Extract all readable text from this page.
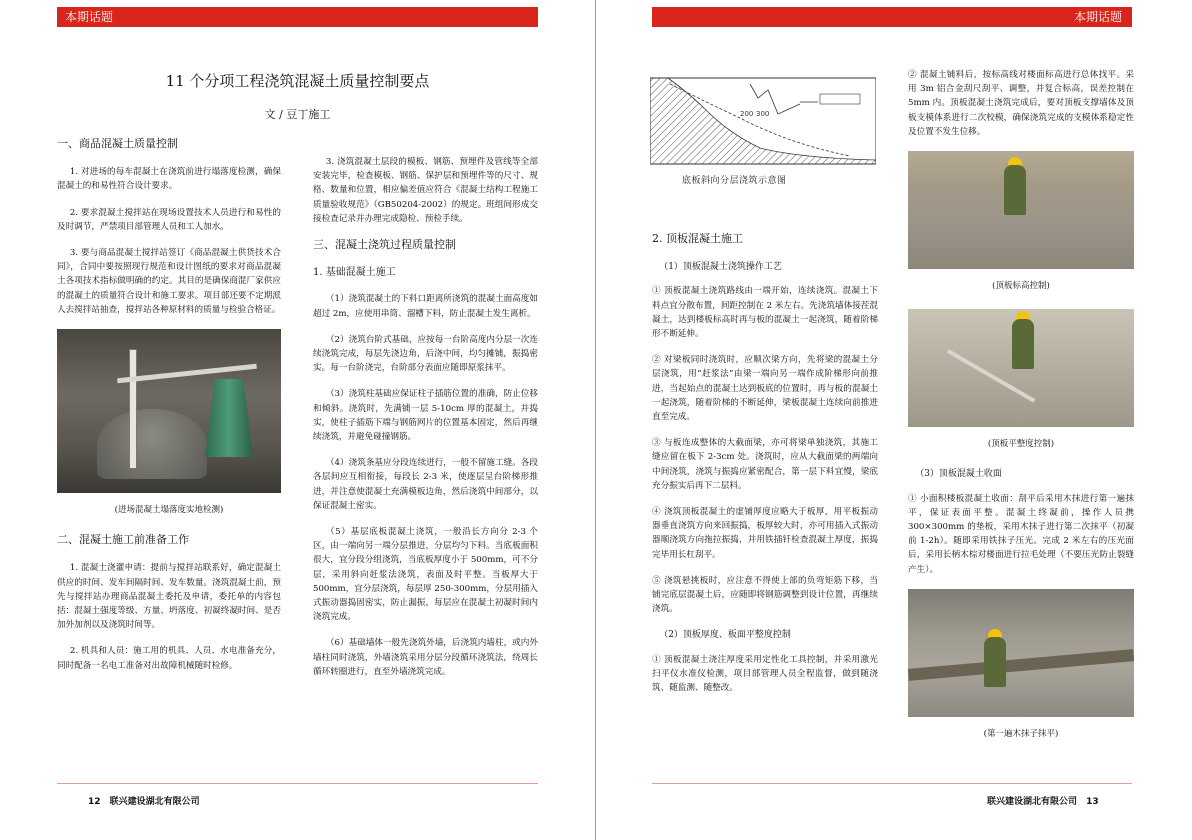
本期话题
11 个分项工程浇筑混凝土质量控制要点
文 / 豆丁施工
一、商品混凝土质量控制

1. 对进场的每车混凝土在浇筑前进行塌落度检测，确保混凝土的和易性符合设计要求。

2. 要求混凝土搅拌站在现场设置技术人员进行和易性的及时调节，严禁项目部管理人员和工人加水。

3. 要与商品混凝土搅拌站签订《商品混凝土供货技术合同》，合同中要按照现行规范和设计图纸的要求对商品混凝土各项技术指标做明确的约定。其目的是确保商混厂家供应的混凝土的质量符合设计和施工要求。项目部还要不定期派人去搅拌站抽查，搅拌站各种原材料的质量与检验合格证。

(进场混凝土塌落度实地检测)
二、混凝土施工前准备工作

1. 混凝土浇灌申请：提前与搅拌站联系好，确定混凝土供应的时间、发车间隔时间、发车数量。浇筑混凝土前，预先与搅拌站办理商品混凝土委托及申请，委托单的内容包括：混凝土强度等级、方量、坍落度、初凝终凝时间、是否加外加剂以及浇筑时间等。

2. 机具和人员：施工用的机具、人员、水电准备充分，同时配备一名电工准备对出故障机械随时检修。

3. 浇筑混凝土层段的模板、钢筋、预埋件及管线等全部安装完毕，检查模板、钢筋、保护层和预埋件等的尺寸、规格、数量和位置，相应偏差值应符合《混凝土结构工程施工质量验收规范》（GB50204-2002）的规定。班组间形成交接检查记录并办理完成隐检、预检手续。

三、混凝土浇筑过程质量控制
1. 基础混凝土施工

（1）浇筑混凝土的下料口距离所浇筑的混凝土面高度如超过 2m，应使用串筒、溜槽下料，防止混凝土发生离析。

（2）浇筑台阶式基础，应按每一台阶高度内分层一次连续浇筑完成，每层先浇边角，后浇中间，均匀摊铺，振捣密实。每一台阶浇完，台阶部分表面应随即原浆抹平。

（3）浇筑柱基础应保证柱子插筋位置的准确，防止位移和倾斜。浇筑时，先满铺一层 5-10cm 厚的混凝土，并捣实，使柱子插筋下端与钢筋网片的位置基本固定，然后再继续浇筑，并避免碰撞钢筋。

（4）浇筑条基应分段连续进行，一般不留施工缝。各段各层间应互相衔接，每段长 2-3 米，使逐层呈台阶梯形推进，并注意使混凝土充满模板边角，然后浇筑中间部分，以保证混凝土密实。

（5）基层底板混凝土浇筑，一般沿长方向分 2-3 个区，由一端向另一端分层推进，分层均匀下料。当底板面积很大，宜分段分组浇筑，当底板厚度小于 500mm，可不分层，采用斜向赶浆法浇筑，表面及时平整。当板厚大于 500mm，宜分层浇筑，每层厚 250-300mm，分层用插入式振动器捣固密实，防止漏振，每层应在混凝土初凝时间内浇筑完成。

（6）基础墙体一般先浇筑外墙，后浇筑内墙柱，或内外墙柱同时浇筑，外墙浇筑采用分层分段循环浇筑法，绕周长循环转圈进行，直至外墙浇筑完成。

12 联兴建设湖北有限公司
本期话题
2. 顶板混凝土施工
（1）顶板混凝土浇筑操作工艺

① 顶板混凝土浇筑路线由一端开始，连续浇筑。混凝土下料点宜分散布置，间距控制在 2 米左右。先浇筑墙体接茬混凝土，达到楼板标高时再与板的混凝土一起浇筑，随着阶梯形不断延伸。

② 对梁板同时浇筑时，应顺次梁方向，先将梁的混凝土分层浇筑，用“赶浆法”由梁一端向另一端作成阶梯形向前推进，当起始点的混凝土达到板底的位置时，再与板的混凝土一起浇筑，随着阶梯的不断延伸，梁板混凝土连续向前推进直至完成。

③ 与板连成整体的大截面梁，亦可将梁单独浇筑，其施工缝应留在板下 2-3cm 处。浇筑时，应从大截面梁的两端向中间浇筑，浇筑与振捣应紧密配合，第一层下料宜慢，梁底充分振实后再下二层料。

④ 浇筑顶板混凝土的虚铺厚度应略大于板厚，用平板振动器垂直浇筑方向来回振捣，板厚较大时，亦可用插入式振动器顺浇筑方向拖拉振捣，并用铁插钎检查混凝土厚度，振捣完毕用长杠刮平。

⑤ 浇筑悬挑板时，应注意不得使上部的负弯矩筋下移，当铺完底层混凝土后，应随即将钢筋调整到设计位置，再继续浇筑。

（2）顶板厚度、板面平整度控制

① 顶板混凝土浇注厚度采用定性化工具控制，并采用激光扫平仪水准仪检测，项目部管理人员全程监督，做到随浇筑、随监测、随整改。

② 混凝土铺料后，按标高线对楼面标高进行总体找平。采用 3m 铝合金刮尺刮平、调整，并复合标高，误差控制在 5mm 内。顶板混凝土浇筑完成后，要对顶板支撑墙体及顶板支模体系进行二次校模，确保浇筑完成的支模体系稳定性及位置不发生位移。

(顶板标高控制)
(顶板平整度控制)
（3）顶板混凝土收面

① 小面积楼板混凝土收面：刮平后采用木抹进行第一遍抹平，保证表面平整。混凝土终凝前，操作人员携 300×300mm 的垫板，采用木抹子进行第二次抹平（初凝前 1-2h）。随即采用铁抹子压光。完成 2 米左右的压光面后，采用长柄木棕对楼面进行拉毛处理（不要压光防止裂缝产生）。

(第一遍木抹子抹平)
联兴建设湖北有限公司 13
200 300
底板斜向分层浇筑示意图
